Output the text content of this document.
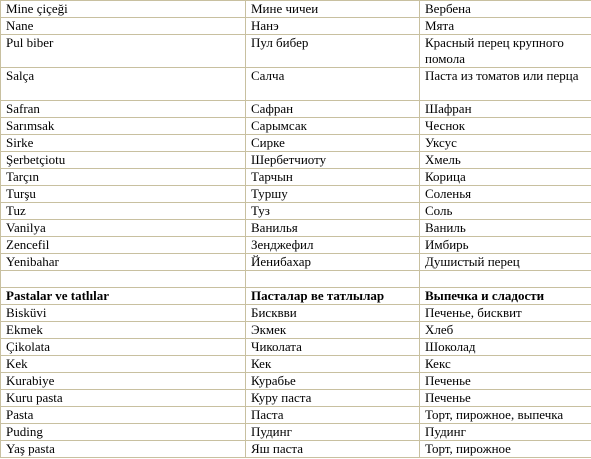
Mine çiçeği	Мине чичеи	Вербена
Nane	Нанэ	Мята
Pul biber	Пул бибер	Красный перец крупного помола
Salça	Салча	Паста из томатов или перца
Safran	Сафран	Шафран
Sarımsak	Сарымсак	Чеснок
Sirke	Сирке	Уксус
Şerbetçiotu	Шербетчиоту	Хмель
Tarçın	Тарчын	Корица
Turşu	Туршу	Соленья
Tuz	Туз	Соль
Vanilya	Ванилья	Ваниль
Zencefil	Зенджефил	Имбирь
Yenibahar	Йенибахар	Душистый перец

Pastalar ve tatlılar	Пасталар ве татлылар	Выпечка и сладости
Bisküvi	Бисквви	Печенье, бисквит
Ekmek	Экмек	Хлеб
Çikolata	Чиколата	Шоколад
Kek	Кек	Кекс
Kurabiye	Курабье	Печенье
Kuru pasta	Куру паста	Печенье
Pasta	Паста	Торт, пирожное, выпечка
Puding	Пудинг	Пудинг
Yaş pasta	Яш паста	Торт, пирожное
